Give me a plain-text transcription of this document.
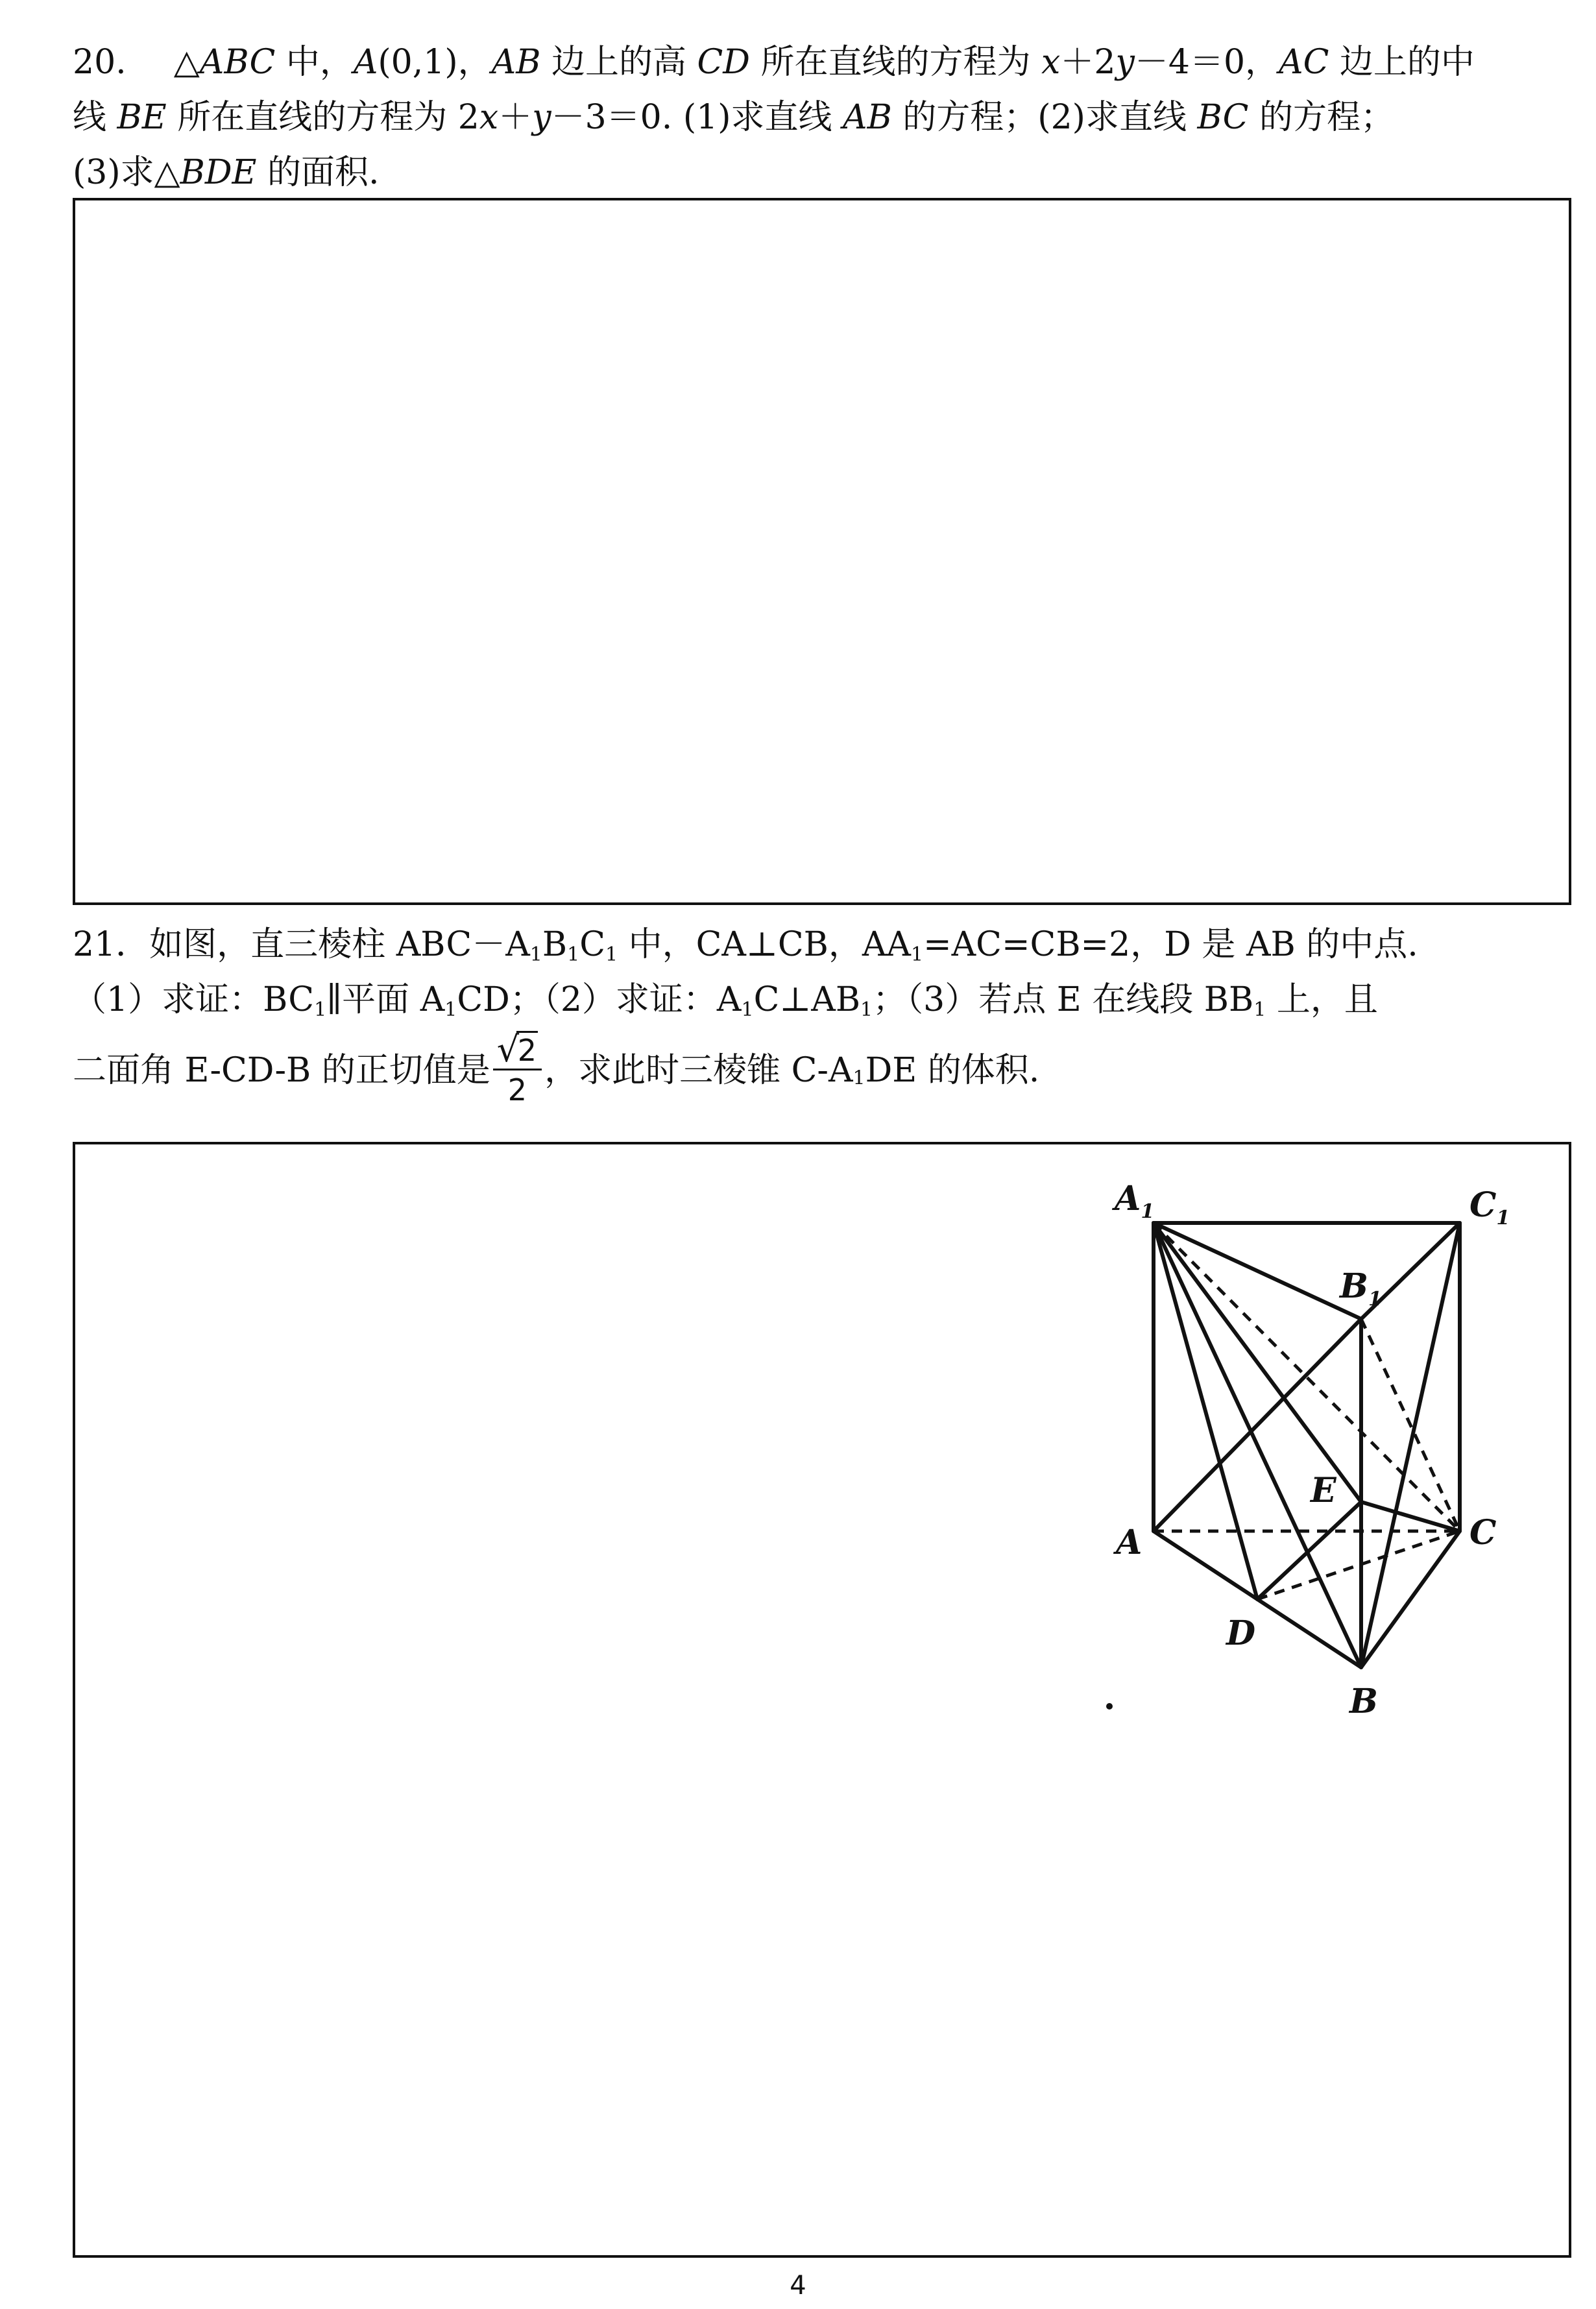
20. △ABC 中，A(0,1)，AB 边上的高 CD 所在直线的方程为 x＋2y－4＝0，AC 边上的中
线 BE 所在直线的方程为 2x＋y－3＝0. (1)求直线 AB 的方程；(2)求直线 BC 的方程；
(3)求△BDE 的面积.
21．如图，直三棱柱 $ABC-A_1B_1C_1$ 中，CA⊥CB，$AA_1=AC=CB=2$，D 是 AB 的中点.
（1）求证：$BC_1\parallel$平面 $A_1CD$；（2）求证：$A_1C\perp AB_1$；（3）若点 E 在线段 $BB_1$ 上，且
二面角 E-CD-B 的正切值是 √
2
2 ，求此时三棱锥 $C-A_1DE$ 的体积.
$A_1$	$C_1$
$B_1$
E
A	C
D
B
4
